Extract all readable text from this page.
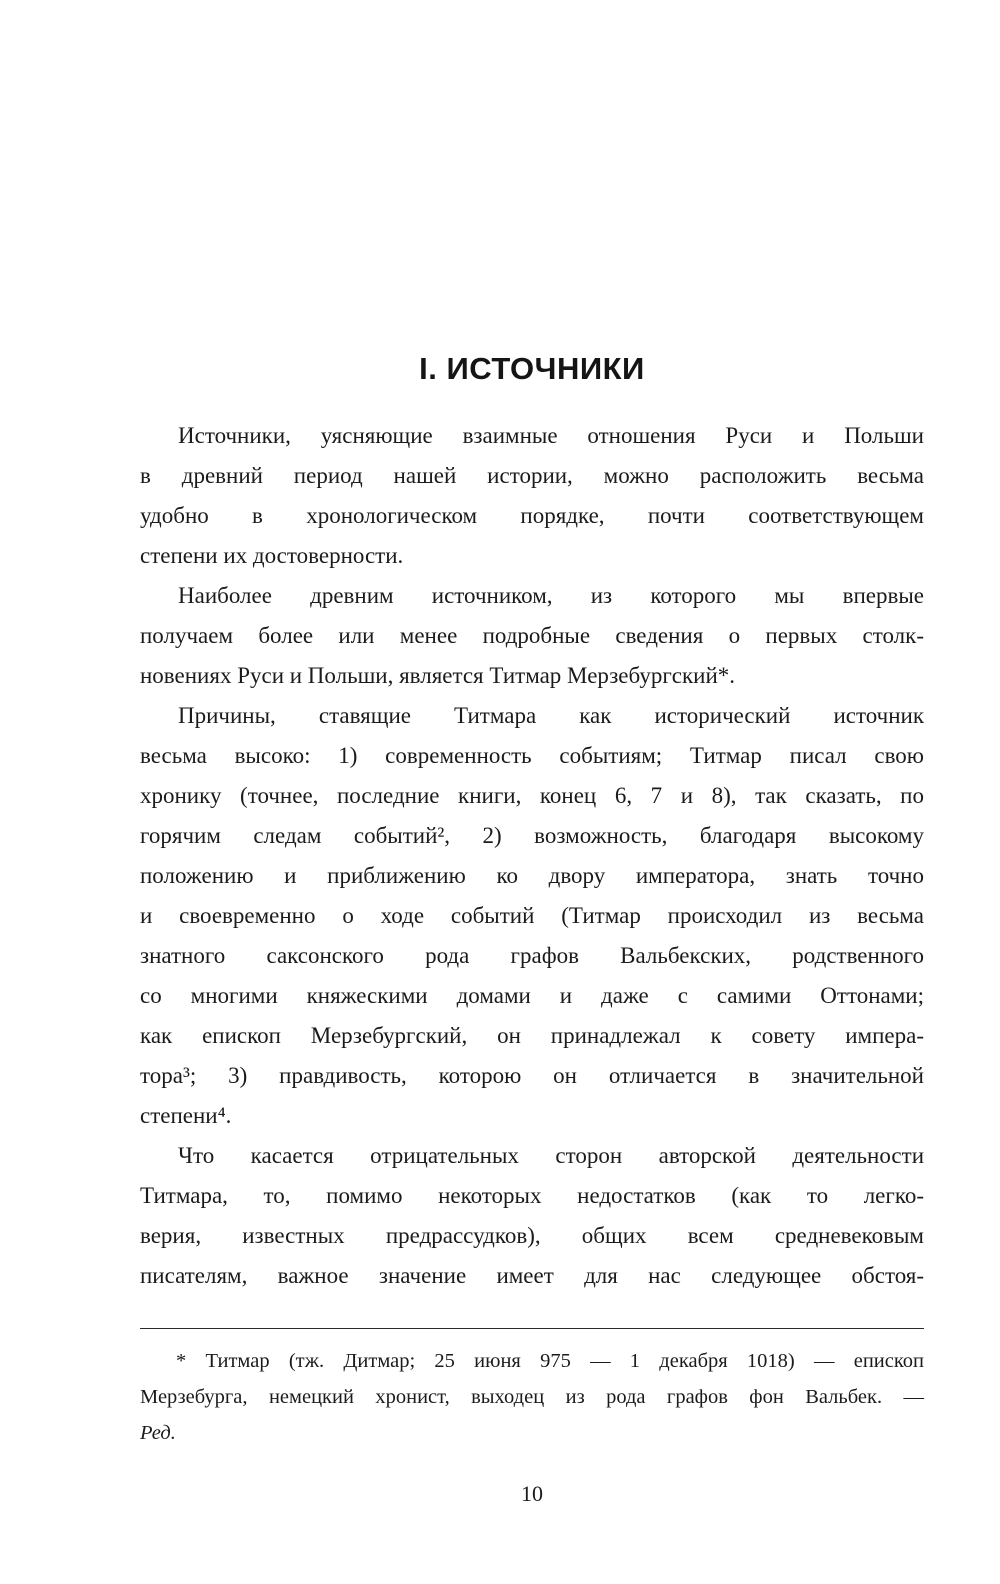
I. ИСТОЧНИКИ

Источники, уясняющие взаимные отношения Руси и Польши
в древний период нашей истории, можно расположить весьма
удобно в хронологическом порядке, почти соответствующем
степени их достоверности.

Наиболее древним источником, из которого мы впервые
получаем более или менее подробные сведения о первых столк-
новениях Руси и Польши, является Титмар Мерзебургский*.

Причины, ставящие Титмара как исторический источник
весьма высоко: 1) современность событиям; Титмар писал свою
хронику (точнее, последние книги, конец 6, 7 и 8), так сказать, по
горячим следам событий², 2) возможность, благодаря высокому
положению и приближению ко двору императора, знать точно
и своевременно о ходе событий (Титмар происходил из весьма
знатного саксонского рода графов Вальбекских, родственного
со многими княжескими домами и даже с самими Оттонами;
как епископ Мерзебургский, он принадлежал к совету импера-
тора³; 3) правдивость, которою он отличается в значительной
степени⁴.

Что касается отрицательных сторон авторской деятельности
Титмара, то, помимо некоторых недостатков (как то легко-
верия, известных предрассудков), общих всем средневековым
писателям, важное значение имеет для нас следующее обстоя-

* Титмар (тж. Дитмар; 25 июня 975 — 1 декабря 1018) — епископ
Мерзебурга, немецкий хронист, выходец из рода графов фон Вальбек. —
Ред.
10
